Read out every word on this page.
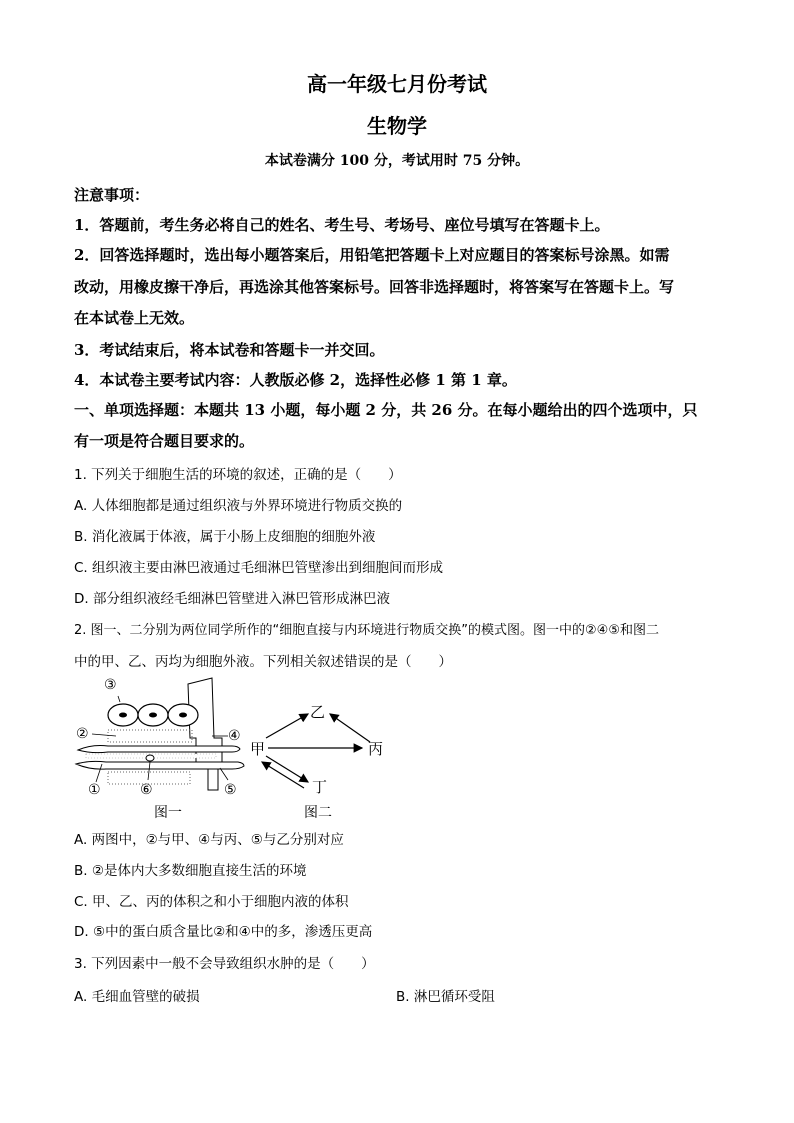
高一年级七月份考试
生物学
本试卷满分 100 分，考试用时 75 分钟。
注意事项：
1．答题前，考生务必将自己的姓名、考生号、考场号、座位号填写在答题卡上。
2．回答选择题时，选出每小题答案后，用铅笔把答题卡上对应题目的答案标号涂黑。如需
改动，用橡皮擦干净后，再选涂其他答案标号。回答非选择题时，将答案写在答题卡上。写
在本试卷上无效。
3．考试结束后，将本试卷和答题卡一并交回。
4．本试卷主要考试内容：人教版必修 2，选择性必修 1 第 1 章。
一、单项选择题：本题共 13 小题，每小题 2 分，共 26 分。在每小题给出的四个选项中，只
有一项是符合题目要求的。
1. 下列关于细胞生活的环境的叙述，正确的是（　　）
A. 人体细胞都是通过组织液与外界环境进行物质交换的
B. 消化液属于体液，属于小肠上皮细胞的细胞外液
C. 组织液主要由淋巴液通过毛细淋巴管壁渗出到细胞间而形成
D. 部分组织液经毛细淋巴管壁进入淋巴管形成淋巴液
2. 图一、二分别为两位同学所作的“细胞直接与内环境进行物质交换”的模式图。图一中的②④⑤和图二
中的甲、乙、丙均为细胞外液。下列相关叙述错误的是（　　）
③
②	④
①	⑥	⑤
图一
乙
甲	丙
丁
图二
A. 两图中，②与甲、④与丙、⑤与乙分别对应
B. ②是体内大多数细胞直接生活的环境
C. 甲、乙、丙的体积之和小于细胞内液的体积
D. ⑤中的蛋白质含量比②和④中的多，渗透压更高
3. 下列因素中一般不会导致组织水肿的是（　　）
A. 毛细血管壁的破损	B. 淋巴循环受阻
